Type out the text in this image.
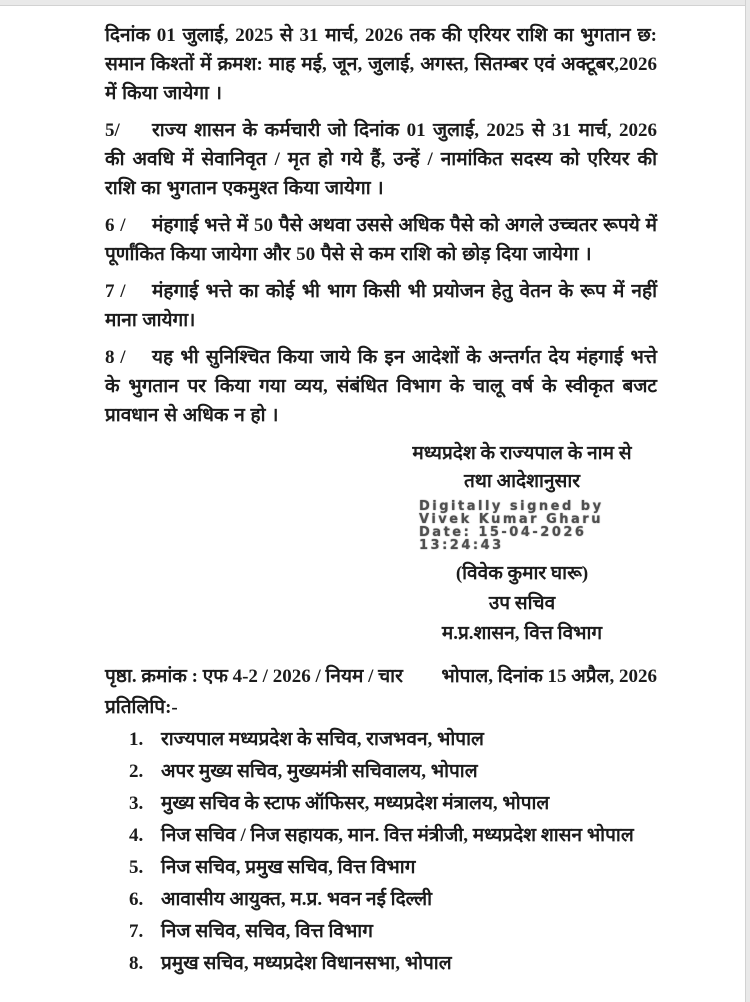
दिनांक 01 जुलाई, 2025 से 31 मार्च, 2026 तक की एरियर राशि का भुगतान छ: समान किश्तों में क्रमश: माह मई, जून, जुलाई, अगस्त, सितम्बर एवं अक्टूबर,2026 में किया जायेगा ।

5/ राज्य शासन के कर्मचारी जो दिनांक 01 जुलाई, 2025 से 31 मार्च, 2026 की अवधि में सेवानिवृत / मृत हो गये हैं, उन्हें / नामांकित सदस्य को एरियर की राशि का भुगतान एकमुश्त किया जायेगा ।

6 / मंहगाई भत्ते में 50 पैसे अथवा उससे अधिक पैसे को अगले उच्चतर रूपये में पूर्णांकित किया जायेगा और 50 पैसे से कम राशि को छोड़ दिया जायेगा ।

7 / मंहगाई भत्ते का कोई भी भाग किसी भी प्रयोजन हेतु वेतन के रूप में नहीं माना जायेगा।

8 / यह भी सुनिश्चित किया जाये कि इन आदेशों के अन्तर्गत देय मंहगाई भत्ते के भुगतान पर किया गया व्यय, संबंधित विभाग के चालू वर्ष के स्वीकृत बजट प्रावधान से अधिक न हो ।

मध्यप्रदेश के राज्यपाल के नाम से
तथा आदेशानुसार
Digitally signed by
Vivek Kumar Gharu
Date: 15-04-2026
13:24:43
(विवेक कुमार घारू)
उप सचिव
म.प्र.शासन, वित्त विभाग
पृष्ठा. क्रमांक : एफ 4-2 / 2026 / नियम / चार भोपाल, दिनांक 15 अप्रैल, 2026
प्रतिलिपि:-
1. राज्यपाल मध्यप्रदेश के सचिव, राजभवन, भोपाल
2. अपर मुख्य सचिव, मुख्यमंत्री सचिवालय, भोपाल
3. मुख्य सचिव के स्टाफ ऑफिसर, मध्यप्रदेश मंत्रालय, भोपाल
4. निज सचिव / निज सहायक, मान. वित्त मंत्रीजी, मध्यप्रदेश शासन भोपाल
5. निज सचिव, प्रमुख सचिव, वित्त विभाग
6. आवासीय आयुक्त, म.प्र. भवन नई दिल्ली
7. निज सचिव, सचिव, वित्त विभाग
8. प्रमुख सचिव, मध्यप्रदेश विधानसभा, भोपाल
